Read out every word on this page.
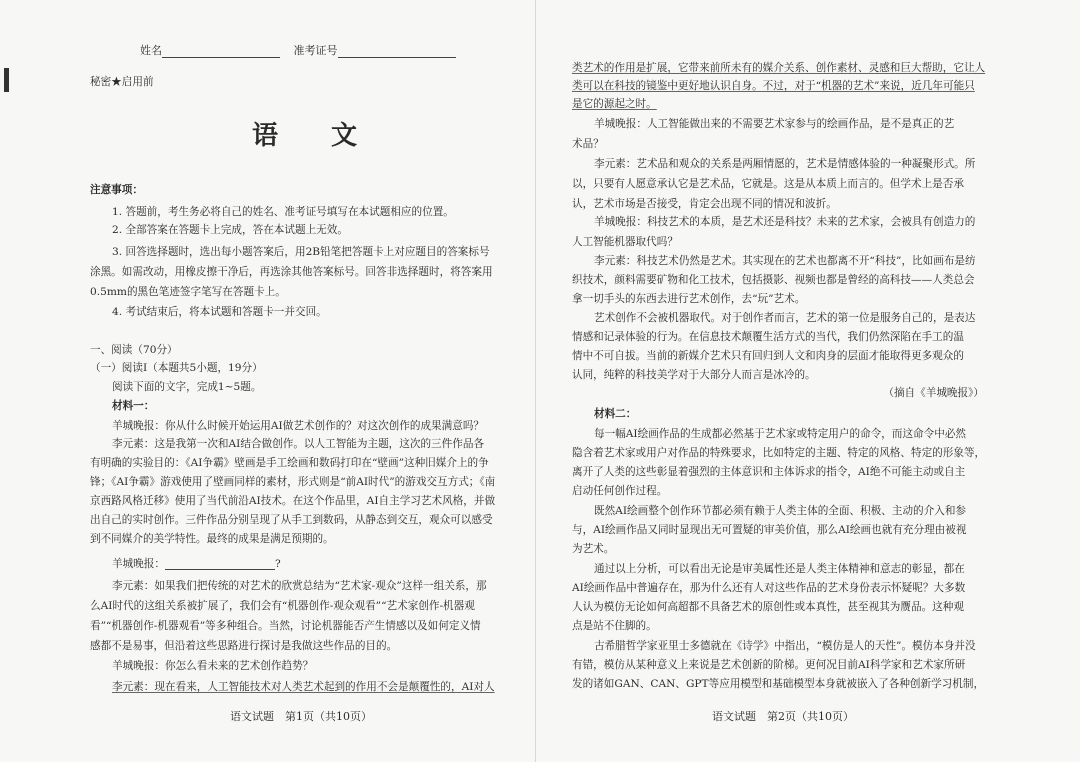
姓名	准考证号
秘密★启用前
语 文
注意事项：
1. 答题前，考生务必将自己的姓名、准考证号填写在本试题相应的位置。
2. 全部答案在答题卡上完成，答在本试题上无效。
3. 回答选择题时，选出每小题答案后，用2B铅笔把答题卡上对应题目的答案标号
涂黑。如需改动，用橡皮擦干净后，再选涂其他答案标号。回答非选择题时，将答案用
0.5mm的黑色笔迹签字笔写在答题卡上。
4. 考试结束后，将本试题和答题卡一并交回。
一、阅读（70分）
（一）阅读Ⅰ（本题共5小题，19分）
阅读下面的文字，完成1~5题。
材料一：
羊城晚报：你从什么时候开始运用AI做艺术创作的？对这次创作的成果满意吗？
李元素：这是我第一次和AI结合做创作。以人工智能为主题，这次的三件作品各
有明确的实验目的：《AI争霸》壁画是手工绘画和数码打印在“壁画”这种旧媒介上的争
锋；《AI争霸》游戏使用了壁画同样的素材，形式则是“前AI时代”的游戏交互方式；《南
京西路风格迁移》使用了当代前沿AI技术。在这个作品里，AI自主学习艺术风格，并做
出自己的实时创作。三件作品分别呈现了从手工到数码，从静态到交互，观众可以感受
到不同媒介的美学特性。最终的成果是满足预期的。
羊城晚报：	?
李元素：如果我们把传统的对艺术的欣赏总结为“艺术家-观众”这样一组关系，那
么AI时代的这组关系被扩展了，我们会有“机器创作-观众观看”“艺术家创作-机器观
看”“机器创作-机器观看”等多种组合。当然，讨论机器能否产生情感以及如何定义情
感都不是易事，但沿着这些思路进行探讨是我做这些作品的目的。
羊城晚报：你怎么看未来的艺术创作趋势？
李元素：现在看来，人工智能技术对人类艺术起到的作用不会是颠覆性的，AI对人
语文试题　第1页（共10页）
类艺术的作用是扩展，它带来前所未有的媒介关系、创作素材、灵感和巨大帮助，它让人
类可以在科技的镜鉴中更好地认识自身。不过，对于“机器的艺术”来说，近几年可能只
是它的源起之时。
羊城晚报：人工智能做出来的不需要艺术家参与的绘画作品，是不是真正的艺
术品？
李元素：艺术品和观众的关系是两厢情愿的，艺术是情感体验的一种凝聚形式。所
以，只要有人愿意承认它是艺术品，它就是。这是从本质上而言的。但学术上是否承
认，艺术市场是否接受，肯定会出现不同的情况和波折。
羊城晚报：科技艺术的本质，是艺术还是科技？未来的艺术家，会被具有创造力的
人工智能机器取代吗？
李元素：科技艺术仍然是艺术。其实现在的艺术也都离不开“科技”，比如画布是纺
织技术，颜料需要矿物和化工技术，包括摄影、视频也都是曾经的高科技——人类总会
拿一切手头的东西去进行艺术创作，去“玩”艺术。
艺术创作不会被机器取代。对于创作者而言，艺术的第一位是服务自己的，是表达
情感和记录体验的行为。在信息技术颠覆生活方式的当代，我们仍然深陷在手工的温
情中不可自拔。当前的新媒介艺术只有回归到人文和肉身的层面才能取得更多观众的
认同，纯粹的科技美学对于大部分人而言是冰冷的。
（摘自《羊城晚报》）
材料二：
每一幅AI绘画作品的生成都必然基于艺术家或特定用户的命令，而这命令中必然
隐含着艺术家或用户对作品的特殊要求，比如特定的主题、特定的风格、特定的形象等，
离开了人类的这些彰显着强烈的主体意识和主体诉求的指令，AI绝不可能主动或自主
启动任何创作过程。
既然AI绘画整个创作环节都必须有赖于人类主体的全面、积极、主动的介入和参
与，AI绘画作品又同时显现出无可置疑的审美价值，那么AI绘画也就有充分理由被视
为艺术。
通过以上分析，可以看出无论是审美属性还是人类主体精神和意志的彰显，都在
AI绘画作品中普遍存在，那为什么还有人对这些作品的艺术身份表示怀疑呢？大多数
人认为模仿无论如何高超都不具备艺术的原创性或本真性，甚至视其为赝品。这种观
点是站不住脚的。
古希腊哲学家亚里士多德就在《诗学》中指出，“模仿是人的天性”。模仿本身并没
有错，模仿从某种意义上来说是艺术创新的阶梯。更何况目前AI科学家和艺术家所研
发的诸如GAN、CAN、GPT等应用模型和基础模型本身就被嵌入了各种创新学习机制，
语文试题　第2页（共10页）
